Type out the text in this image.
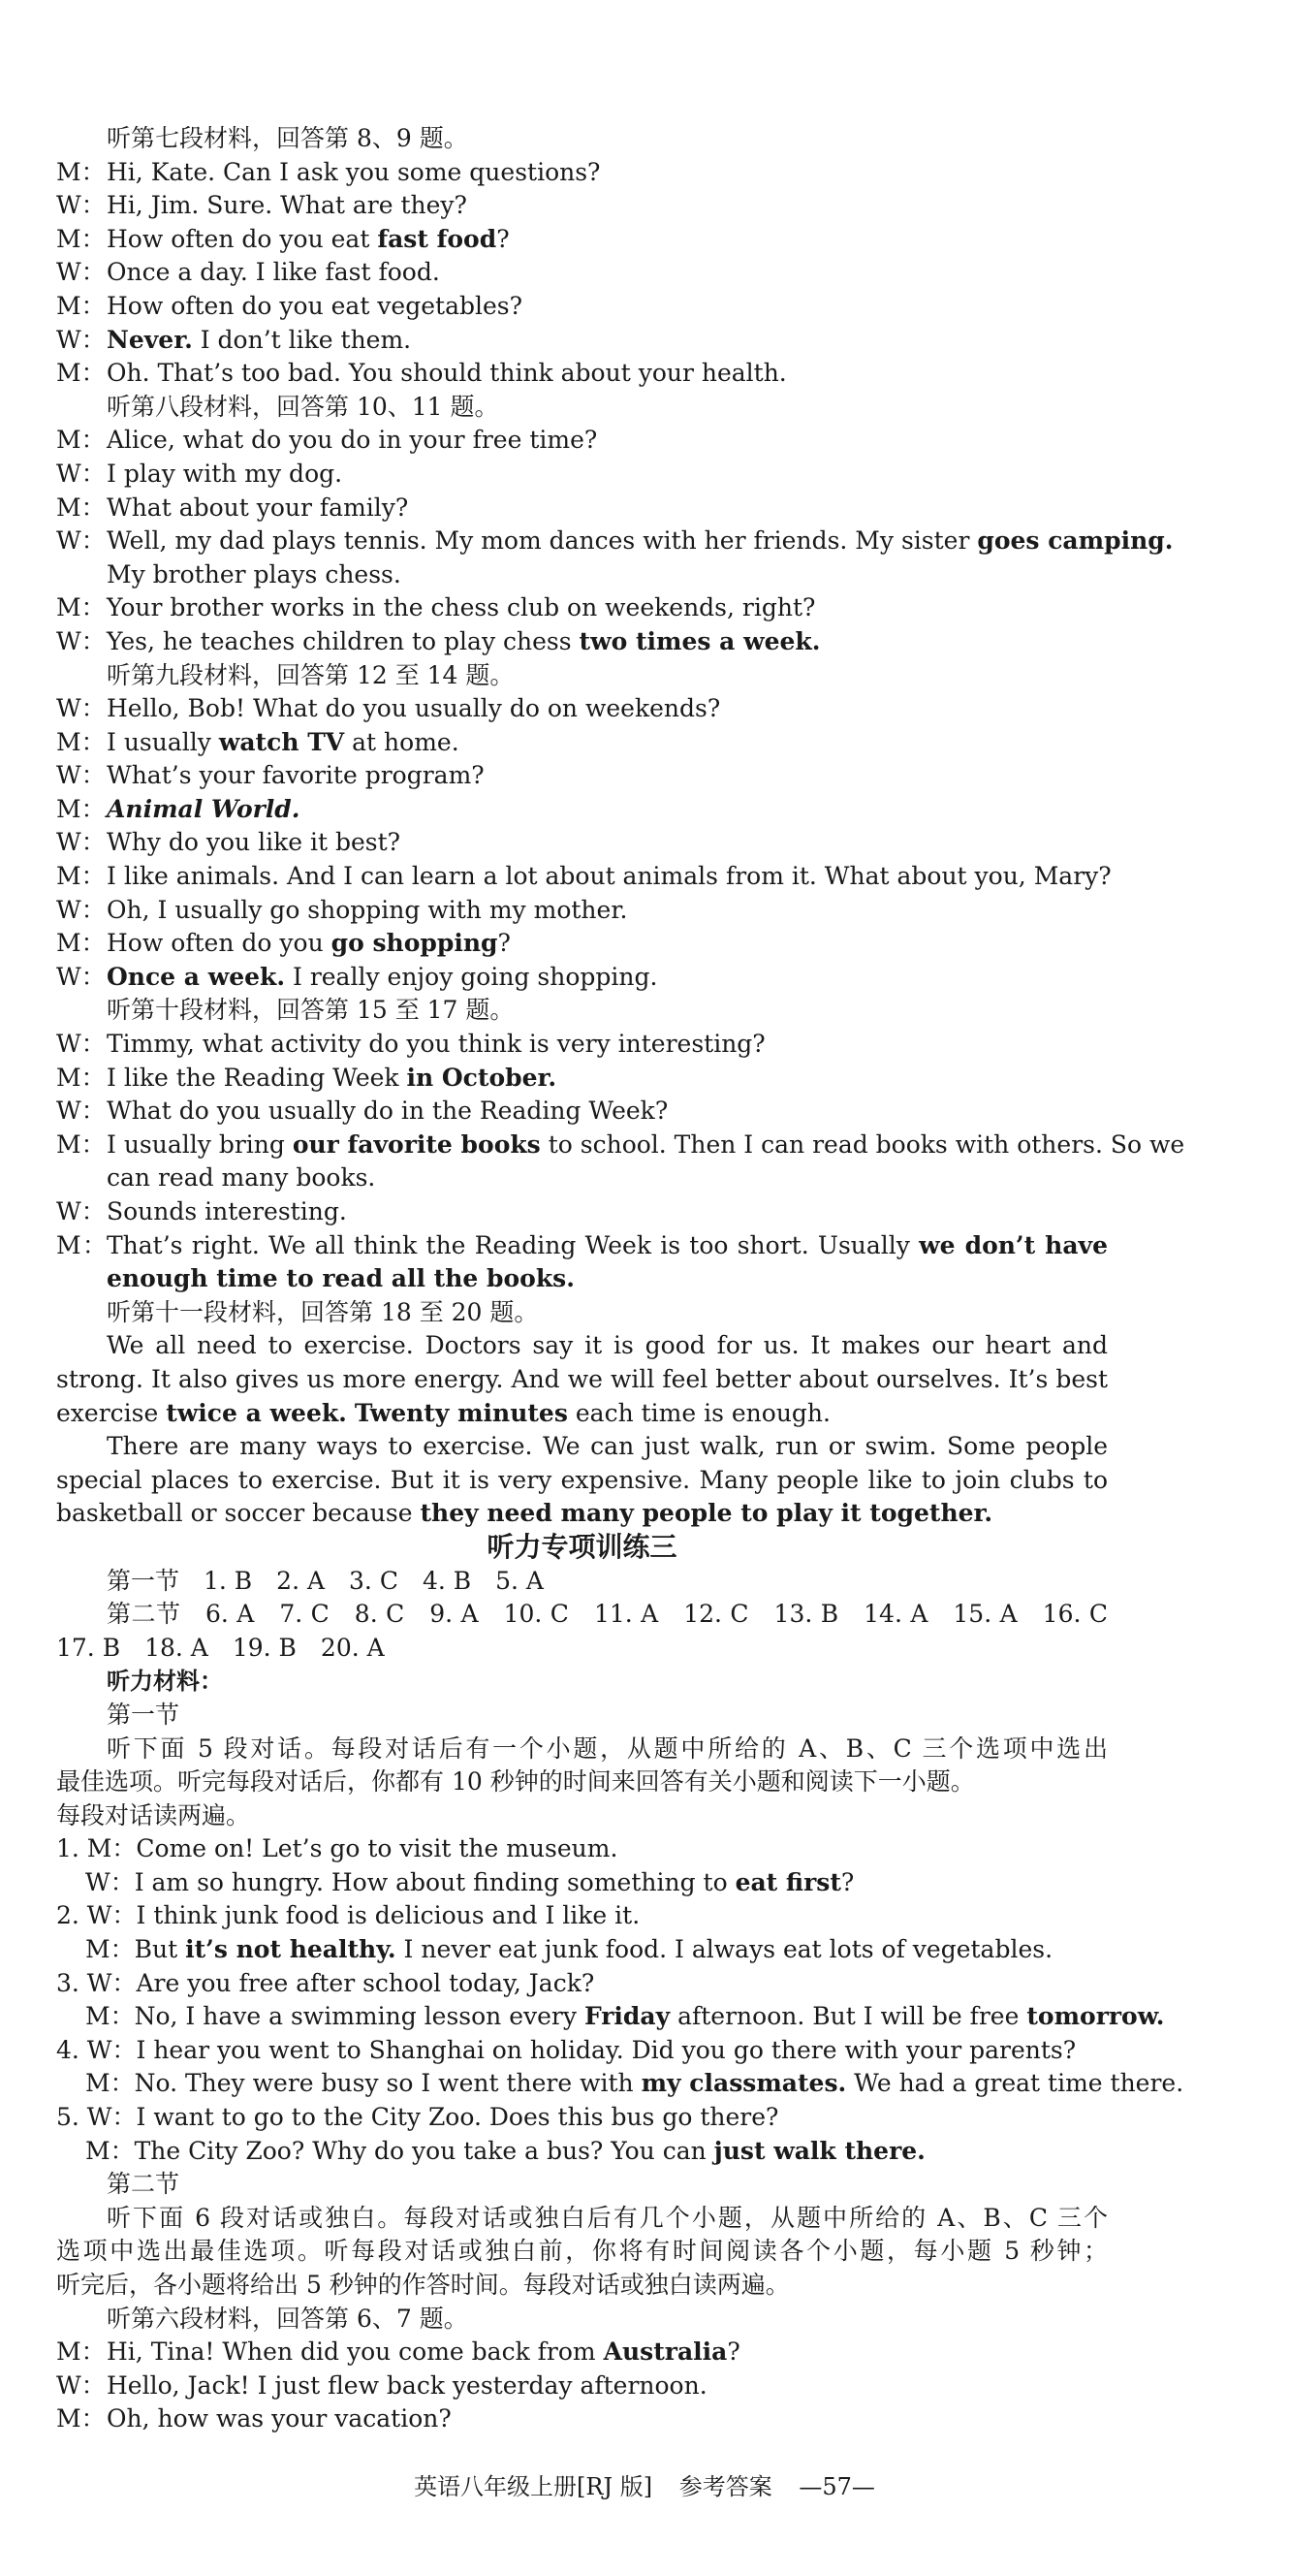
听第七段材料，回答第 8、9 题。
M：Hi, Kate. Can I ask you some questions?
W：Hi, Jim. Sure. What are they?
M：How often do you eat fast food?
W：Once a day. I like fast food.
M：How often do you eat vegetables?
W：Never. I don’t like them.
M：Oh. That’s too bad. You should think about your health.
听第八段材料，回答第 10、11 题。
M：Alice, what do you do in your free time?
W：I play with my dog.
M：What about your family?
W：Well, my dad plays tennis. My mom dances with her friends. My sister goes camping.
My brother plays chess.
M：Your brother works in the chess club on weekends, right?
W：Yes, he teaches children to play chess two times a week.
听第九段材料，回答第 12 至 14 题。
W：Hello, Bob! What do you usually do on weekends?
M：I usually watch TV at home.
W：What’s your favorite program?
M：Animal World.
W：Why do you like it best?
M：I like animals. And I can learn a lot about animals from it. What about you, Mary?
W：Oh, I usually go shopping with my mother.
M：How often do you go shopping?
W：Once a week. I really enjoy going shopping.
听第十段材料，回答第 15 至 17 题。
W：Timmy, what activity do you think is very interesting?
M：I like the Reading Week in October.
W：What do you usually do in the Reading Week?
M：I usually bring our favorite books to school. Then I can read books with others. So we
can read many books.
W：Sounds interesting.
M：That’s right. We all think the Reading Week is too short. Usually we don’t have
enough time to read all the books.
听第十一段材料，回答第 18 至 20 题。
We all need to exercise. Doctors say it is good for us. It makes our heart and
strong. It also gives us more energy. And we will feel better about ourselves. It’s best
exercise twice a week. Twenty minutes each time is enough.
There are many ways to exercise. We can just walk, run or swim. Some people
special places to exercise. But it is very expensive. Many people like to join clubs to
basketball or soccer because they need many people to play it together.
听力专项训练三
第一节　1. B　2. A　3. C　4. B　5. A
第二节　6. A　7. C　8. C　9. A　10. C　11. A　12. C　13. B　14. A　15. A　16. C
17. B　18. A　19. B　20. A
听力材料：
第一节
听下面 5 段对话。每段对话后有一个小题，从题中所给的 A、B、C 三个选项中选出
最佳选项。听完每段对话后，你都有 10 秒钟的时间来回答有关小题和阅读下一小题。
每段对话读两遍。
1. M：Come on! Let’s go to visit the museum.
W：I am so hungry. How about finding something to eat first?
2. W：I think junk food is delicious and I like it.
M：But it’s not healthy. I never eat junk food. I always eat lots of vegetables.
3. W：Are you free after school today, Jack?
M：No, I have a swimming lesson every Friday afternoon. But I will be free tomorrow.
4. W：I hear you went to Shanghai on holiday. Did you go there with your parents?
M：No. They were busy so I went there with my classmates. We had a great time there.
5. W：I want to go to the City Zoo. Does this bus go there?
M：The City Zoo? Why do you take a bus? You can just walk there.
第二节
听下面 6 段对话或独白。每段对话或独白后有几个小题，从题中所给的 A、B、C 三个
选项中选出最佳选项。听每段对话或独白前，你将有时间阅读各个小题，每小题 5 秒钟；
听完后，各小题将给出 5 秒钟的作答时间。每段对话或独白读两遍。
听第六段材料，回答第 6、7 题。
M：Hi, Tina! When did you come back from Australia?
W：Hello, Jack! I just flew back yesterday afternoon.
M：Oh, how was your vacation?
英语八年级上册[RJ 版] 参考答案 —57—
